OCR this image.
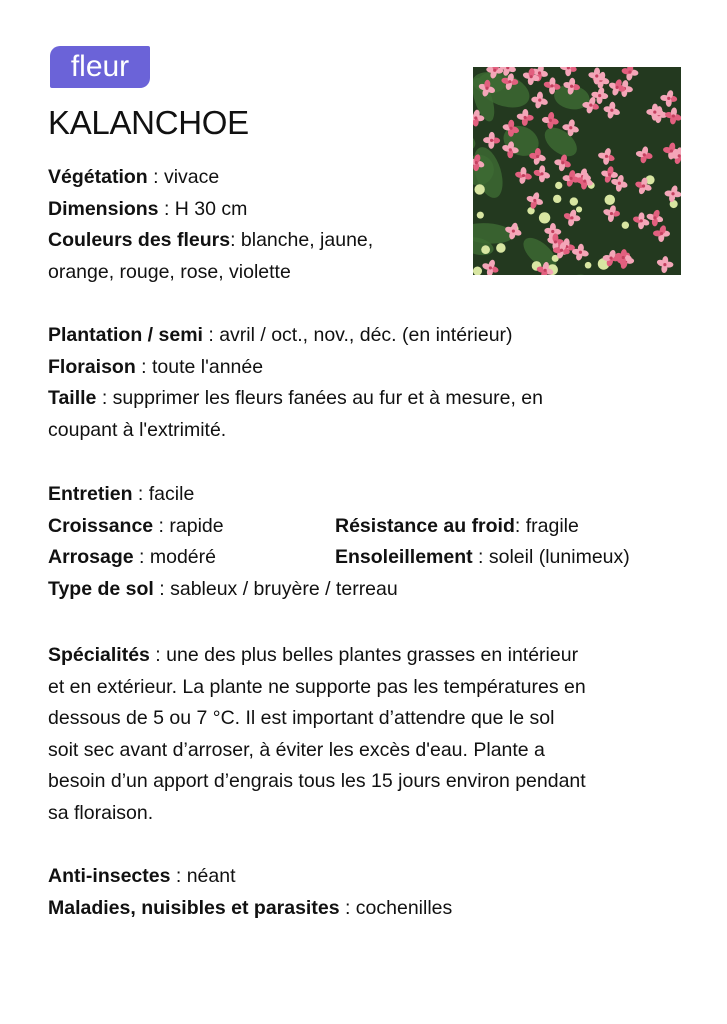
fleur
KALANCHOE
Végétation : vivace
Dimensions : H 30 cm
Couleurs des fleurs: blanche, jaune,
orange, rouge, rose, violette
Plantation / semi : avril / oct., nov., déc. (en intérieur)
Floraison : toute l'année
Taille : supprimer les fleurs fanées au fur et à mesure, en
coupant à l'extrimité.
Entretien : facile
Croissance : rapide	Résistance au froid: fragile
Arrosage : modéré	Ensoleillement : soleil (lunimeux)
Type de sol : sableux / bruyère / terreau
Spécialités : une des plus belles plantes grasses en intérieur
et en extérieur. La plante ne supporte pas les températures en
dessous de 5 ou 7 °C. Il est important d’attendre que le sol
soit sec avant d’arroser, à éviter les excès d'eau. Plante a
besoin d’un apport d’engrais tous les 15 jours environ pendant
sa floraison.
Anti-insectes : néant
Maladies, nuisibles et parasites : cochenilles
